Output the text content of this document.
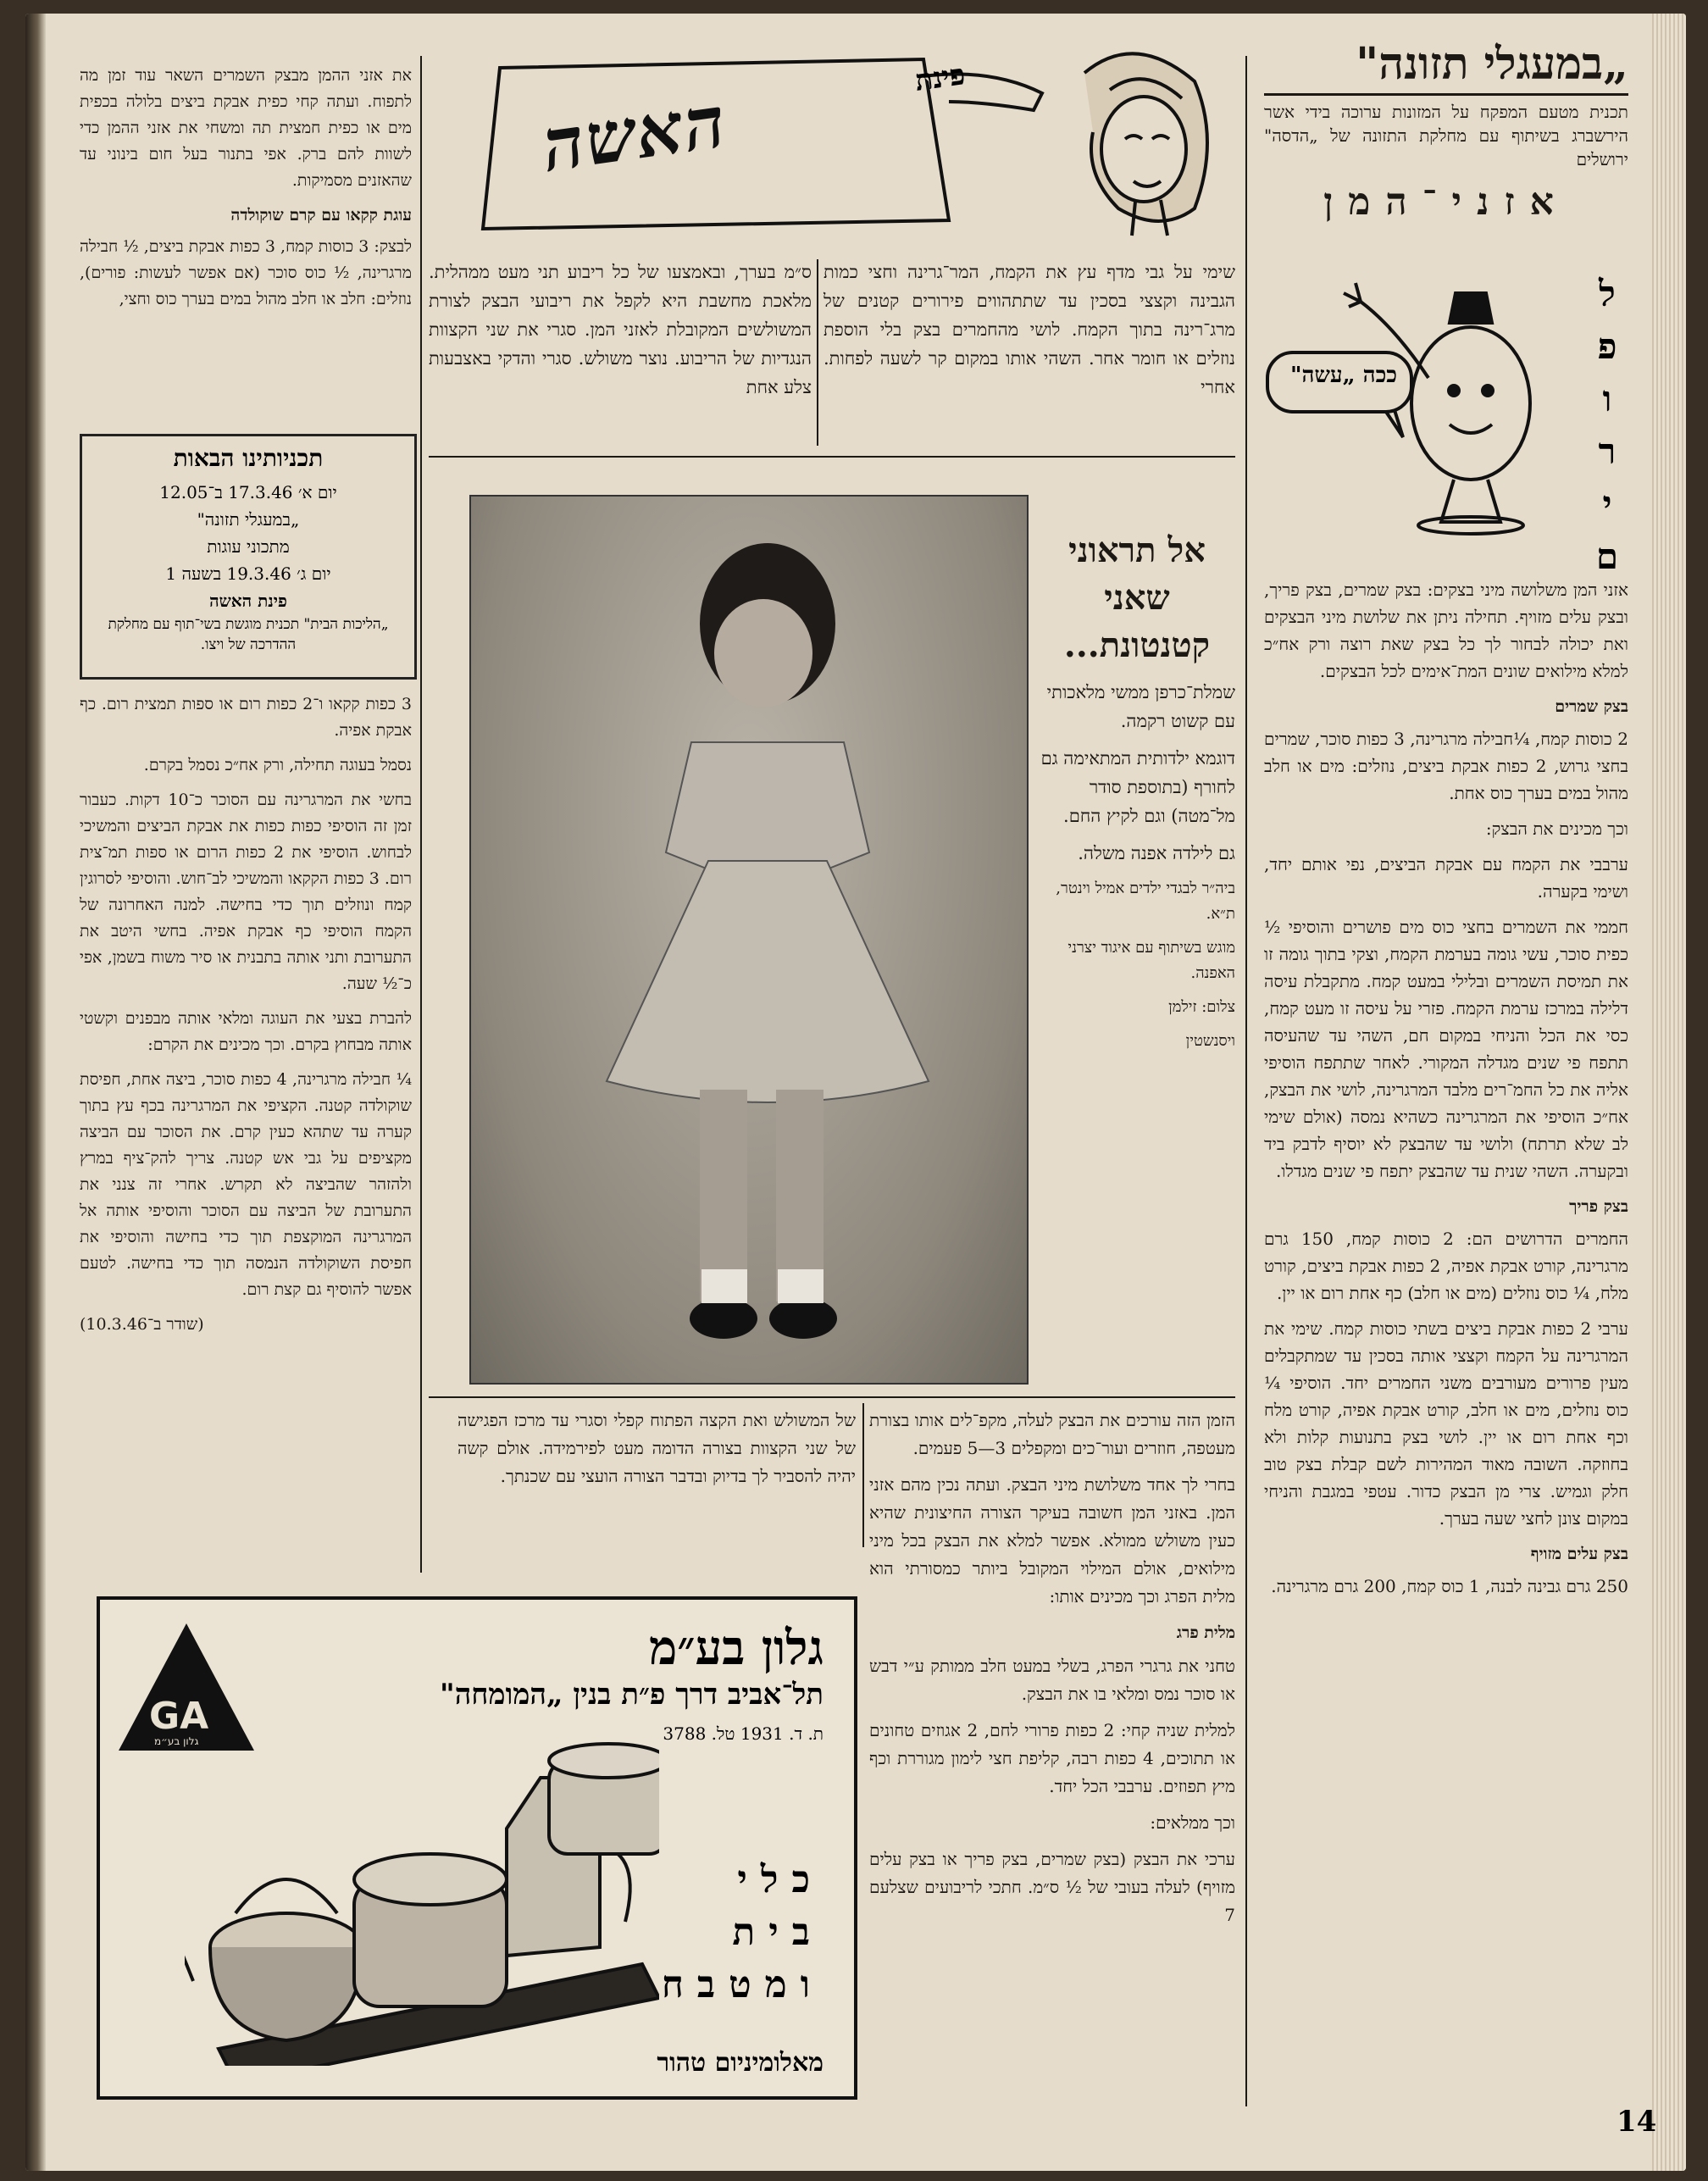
„במעגלי תזונה"

תכנית מטעם המפקח על המזונות ערוכה בידי אשר הירשברג בשיתוף עם מחלקת התזונה של „הדסה" ירושלים

אזני־המן
ל
פ
ו
ר
י
ם
ככה „עשה"

אזני המן משלושה מיני בצקים: בצק שמרים, בצק פריך, ובצק עלים מזויף. תחילה ניתן את שלושת מיני הבצקים ואת יכולה לבחור לך כל בצק שאת רוצה ורק אח״כ למלא מילואים שונים המת־אימים לכל הבצקים.

בצק שמרים

2 כוסות קמח, ¼חבילה מרגרינה, 3 כפות סוכר, שמרים בחצי גרוש, 2 כפות אבקת ביצים, נוזלים: מים או חלב מהול במים בערך כוס אחת.

וכך מכינים את הבצק:

ערבבי את הקמח עם אבקת הביצים, נפי אותם יחד, ושימי בקערה.

חממי את השמרים בחצי כוס מים פושרים והוסיפי ½ כפית סוכר, עשי גומה בערמת הקמח, וצקי בתוך גומה זו את תמיסת השמרים ובלילי במעט קמח. מתקבלת עיסה דלילה במרכז ערמת הקמח. פזרי על עיסה זו מעט קמח, כסי את הכל והניחי במקום חם, השהי עד שהעיסה תתפח פי שנים מגדלה המקורי. לאחר שתתפח הוסיפי אליה את כל החמ־רים מלבד המרגרינה, לושי את הבצק, אח״כ הוסיפי את המרגרינה כשהיא נמסה (אולם שימי לב שלא תרתח) ולושי עד שהבצק לא יוסיף לדבק ביד ובקערה. השהי שנית עד שהבצק יתפח פי שנים מגדלו.

בצק פריך

החמרים הדרושים הם: 2 כוסות קמח, 150 גרם מרגרינה, קורט אבקת אפיה, 2 כפות אבקת ביצים, קורט מלח, ¼ כוס נוזלים (מים או חלב) כף אחת רום או יין.

ערבי 2 כפות אבקת ביצים בשתי כוסות קמח. שימי את המרגרינה על הקמח וקצצי אותה בסכין עד שמתקבלים מעין פרורים מעורבים משני החמרים יחד. הוסיפי ¼ כוס נוזלים, מים או חלב, קורט אבקת אפיה, קורט מלח וכף אחת רום או יין. לושי בצק בתנועות קלות ולא בחוזקה. השובה מאוד המהירות לשם קבלת בצק טוב חלק וגמיש. צרי מן הבצק כדור. עטפי במגבת והניחי במקום צונן לחצי שעה בערך.

בצק עלים מזויף

250 גרם גבינה לבנה, 1 כוס קמח, 200 גרם מרגרינה.

פינת
האשה

שימי על גבי מדף עץ את הקמח, המר־גרינה וחצי כמות הגבינה וקצצי בסכין עד שתתהווים פירורים קטנים של מרג־רינה בתוך הקמח. לושי מהחמרים בצק בלי הוספת נוזלים או חומר אחר. השהי אותו במקום קר לשעה לפחות. אחרי

ס״מ בערך, ובאמצעו של כל ריבוע תני מעט ממהלית. מלאכת מחשבת היא לקפל את ריבועי הבצק לצורת המשולשים המקובלת לאזני המן. סגרי את שני הקצוות הנגדיות של הריבוע. נוצר משולש. סגרי והדקי באצבעות צלע אחת

אל תראוני שאני קטנטונת...

שמלת־כרפן ממשי מלאכותי עם קשוט רקמה.

דוגמא ילדותית המתאימה גם לחורף (בתוספת סודר מל־מטה) וגם לקיץ החם.

גם לילדה אפנה משלה.

ביה״ר לבגדי ילדים אמיל וינטר, ת״א.

מוגש בשיתוף עם איגוד יצרני האפנה.

צלום: זילמן

ויסנשטין

הזמן הזה עורכים את הבצק לעלה, מקפ־לים אותו בצורת מעטפה, חוזרים ועור־כים ומקפלים 3—5 פעמים.

בחרי לך אחד משלושת מיני הבצק. ועתה נכין מהם אזני המן. באזני המן חשובה בעיקר הצורה החיצונית שהיא כעין משולש ממולא. אפשר למלא את הבצק בכל מיני מילואים, אולם המילוי המקובל ביותר כמסורתי הוא מלית הפרג וכך מכינים אותו:

מלית פרג

טחני את גרגרי הפרג, בשלי במעט חלב ממותק ע״י דבש או סוכר נמס ומלאי בו את הבצק.

למלית שניה קחי: 2 כפות פרורי לחם, 2 אגוזים טחונים או תתוכים, 4 כפות רבה, קליפת חצי לימון מגוררת וכף מיץ תפוזים. ערבבי הכל יחד.

וכך ממלאים:

ערכי את הבצק (בצק שמרים, בצק פריך או בצק עלים מזויף) לעלה בעובי של ½ ס״מ. חתכי לריבועים שצלעם 7

של המשולש ואת הקצה הפתוח קפלי וסגרי עד מרכז הפגישה של שני הקצוות בצורה הדומה מעט לפירמידה. אולם קשה יהיה להסביר לך בדיוק ובדבר הצורה הועצי עם שכנתך.

את אזני ההמן מבצק השמרים השאר עוד זמן מה לתפוח. ועתה קחי כפית אבקת ביצים בלולה בכפית מים או כפית חמצית תה ומשחי את אזני ההמן כדי לשוות להם ברק. אפי בתנור בעל חום בינוני עד שהאזנים מסמיקות.

עוגת קקאו עם קרם שוקולדה

לבצק: 3 כוסות קמח, 3 כפות אבקת ביצים, ½ חבילה מרגרינה, ½ כוס סוכר (אם אפשר לעשות: פורים), נוזלים: חלב או חלב מהול במים בערך כוס וחצי,

תכניותינו הבאות
יום א׳ 17.3.46 ב־12.05
„במעגלי תזונה"
מתכוני עוגות
יום ג׳ 19.3.46 בשעה 1
פינת האשה
„הליכות הבית" תכנית מוגשת בשי־תוף עם מחלקת ההדרכה של ויצו.

3 כפות קקאו ו־2 כפות רום או ספות תמצית רום. כף אבקת אפיה.

נסמל בעוגה תחילה, ורק אח״כ נסמל בקרם.

בחשי את המרגרינה עם הסוכר כ־10 דקות. כעבור זמן זה הוסיפי כפות כפות את אבקת הביצים והמשיכי לבחוש. הוסיפי את 2 כפות הרום או ספות תמ־צית רום. 3 כפות הקקאו והמשיכי לב־חוש. והוסיפי לסרוגין קמח ונוזלים תוך כדי בחישה. למנה האחרונה של הקמח הוסיפי כף אבקת אפיה. בחשי היטב את התערובת ותני אותה בתבנית או סיר משוח בשמן, אפי כ־½ שעה.

להברת בצעי את העוגה ומלאי אותה מבפנים וקשטי אותה מבחוץ בקרם. וכך מכינים את הקרם:

¼ חבילה מרגרינה, 4 כפות סוכר, ביצה אחת, חפיסת שוקולדה קטנה. הקציפי את המרגרינה בכף עץ בתוך קערה עד שתהא כעין קרם. את הסוכר עם הביצה מקציפים על גבי אש קטנה. צריך להק־ציף במרץ ולהזהר שהביצה לא תקרש. אחרי זה צנני את התערובת של הביצה עם הסוכר והוסיפי אותה אל המרגרינה המוקצפת תוך כדי בחישה והוסיפי את חפיסת השוקולדה הנמסה תוך כדי בחישה. לטעם אפשר להוסיף גם קצת רום.

(שודר ב־10.3.46)

GA
גלון בע״מ
גלון בע״מ
תל־אביב דרך פ״ת בנין „המומחה"
ת. ד. 1931 טל. 3788
כלי
בית
ומטבח
מאלומיניום טהור
14
